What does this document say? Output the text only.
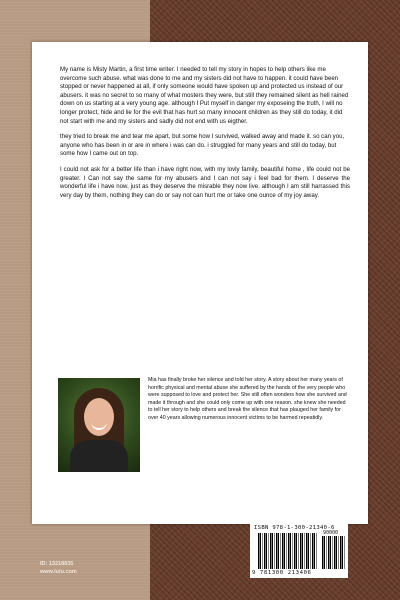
My name is Misty Martin, a first time writer. I needed to tell my story in hopes to help others like me overcome such abuse. what was done to me and my sisters did not have to happen. it could have been stopped or never happened at all, if only someone would have spoken up and protected us instead of our abusers. it was no secret to so many of what mosters they were, but still they remained silent as hell rained down on us starting at a very young age. although I Put myself in danger my exposeing the truth, I will no longer protect, hide and lie for the evil that has hurt so many innocent children as they still do today, it did not start with me and my sisters and sadly did not end with us eigther.

they tried to break me and tear me apart, but some how I survived, walked away and made it. so can you, anyone who has been in or are in where i was can do. i struggled for many years and still do today, but some how I came out on top.

I could not ask for a better life than i have right now, with my lovly family, beautiful home , life could not be greater. I Can not say the same for my abusers and I can not say i feel bad for them. I deserve the wonderful life i have now, just as they deserve the misrable they now live. although I am still harrassed this very day by them, nothing they can do or say not can hurt me or take one ounce of my joy away.

Mia has finally broke her silence and told her story. A story about her many years of horrific physical and mental abuse she suffered by the hands of the very people who were supposed to love and protect her. She still often wonders how she survived and made it through and she could only come up with one reason. she knew she needed to tell her story to help others and break the silence that has plauged her family for over 40 years allowing numerous innocent victims to be harmed repeatidly.
ISBN 978-1-300-21340-6
90000
9 781300 213406
ID: 13218835
www.lulu.com
